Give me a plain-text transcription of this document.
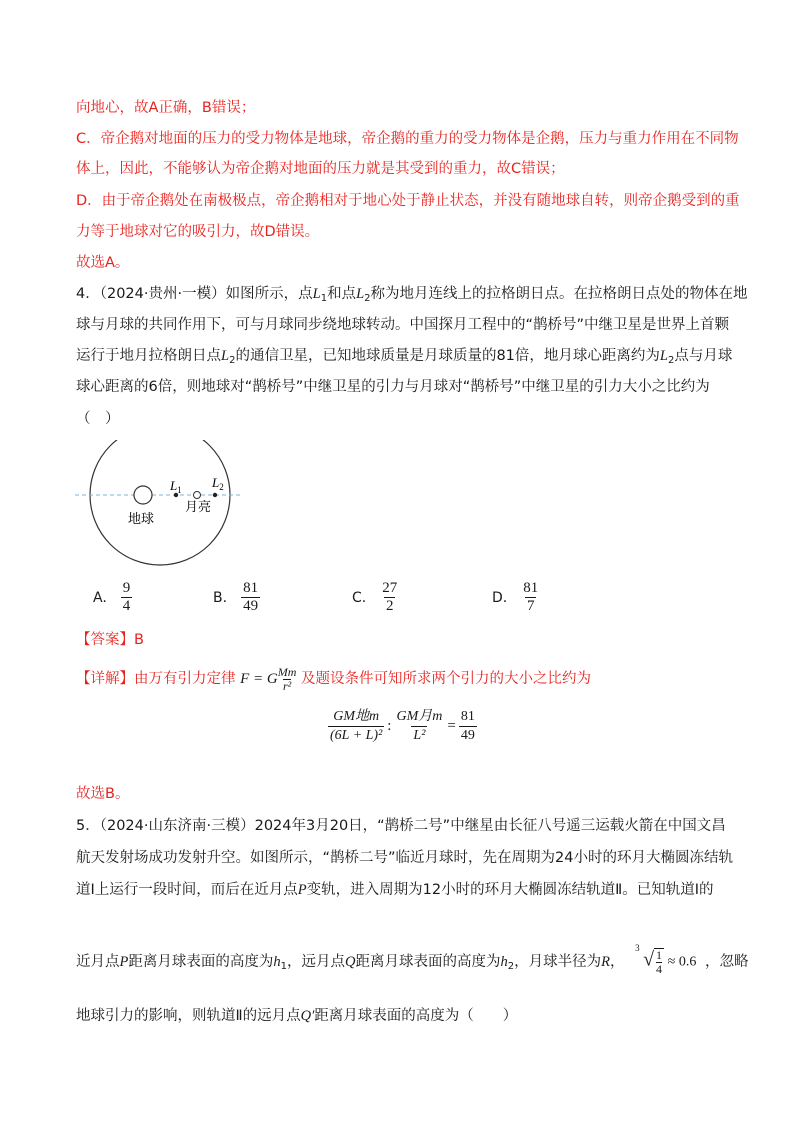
向地心，故A正确，B错误；
C．帝企鹅对地面的压力的受力物体是地球，帝企鹅的重力的受力物体是企鹅，压力与重力作用在不同物
体上，因此，不能够认为帝企鹅对地面的压力就是其受到的重力，故C错误；
D．由于帝企鹅处在南极极点，帝企鹅相对于地心处于静止状态，并没有随地球自转，则帝企鹅受到的重
力等于地球对它的吸引力，故D错误。
故选A。
4．（2024·贵州·一模）如图所示，点$L_1$和点$L_2$称为地月连线上的拉格朗日点。在拉格朗日点处的物体在地
球与月球的共同作用下，可与月球同步绕地球转动。中国探月工程中的“鹊桥号”中继卫星是世界上首颗
运行于地月拉格朗日点$L_2$的通信卫星，已知地球质量是月球质量的81倍，地月球心距离约为$L_2$点与月球
球心距离的6倍，则地球对“鹊桥号”中继卫星的引力与月球对“鹊桥号”中继卫星的引力大小之比约为
（　）
$L_1$ $L_2$
地球
月亮
A. $\frac{9}{4}$	B. $\frac{81}{49}$	C. $\frac{27}{2}$	D. $\frac{81}{7}$
【答案】B
【详解】由万有引力定律 F = G $\frac{Mm}{\text{r²}}$ 及题设条件可知所求两个引力的大小之比约为
$\frac{\text{GM地m}}{\text{(6L + L)²}}$ : $\frac{\text{GM月m}}{\text{L²}} = \frac{81}{49}$
故选B。
5．（2024·山东济南·三模）2024年3月20日，“鹊桥二号”中继星由长征八号遥三运载火箭在中国文昌
航天发射场成功发射升空。如图所示，“鹊桥二号”临近月球时，先在周期为24小时的环月大椭圆冻结轨
道Ⅰ上运行一段时间，而后在近月点P变轨，进入周期为12小时的环月大椭圆冻结轨道Ⅱ。已知轨道Ⅰ的
近月点P距离月球表面的高度为$h_1$，远月点Q距离月球表面的高度为$h_2$，月球半径为R，
3
√ $\frac{1}{4} \approx 0.6$ ，忽略
地球引力的影响，则轨道Ⅱ的远月点Q′距离月球表面的高度为（　　）
